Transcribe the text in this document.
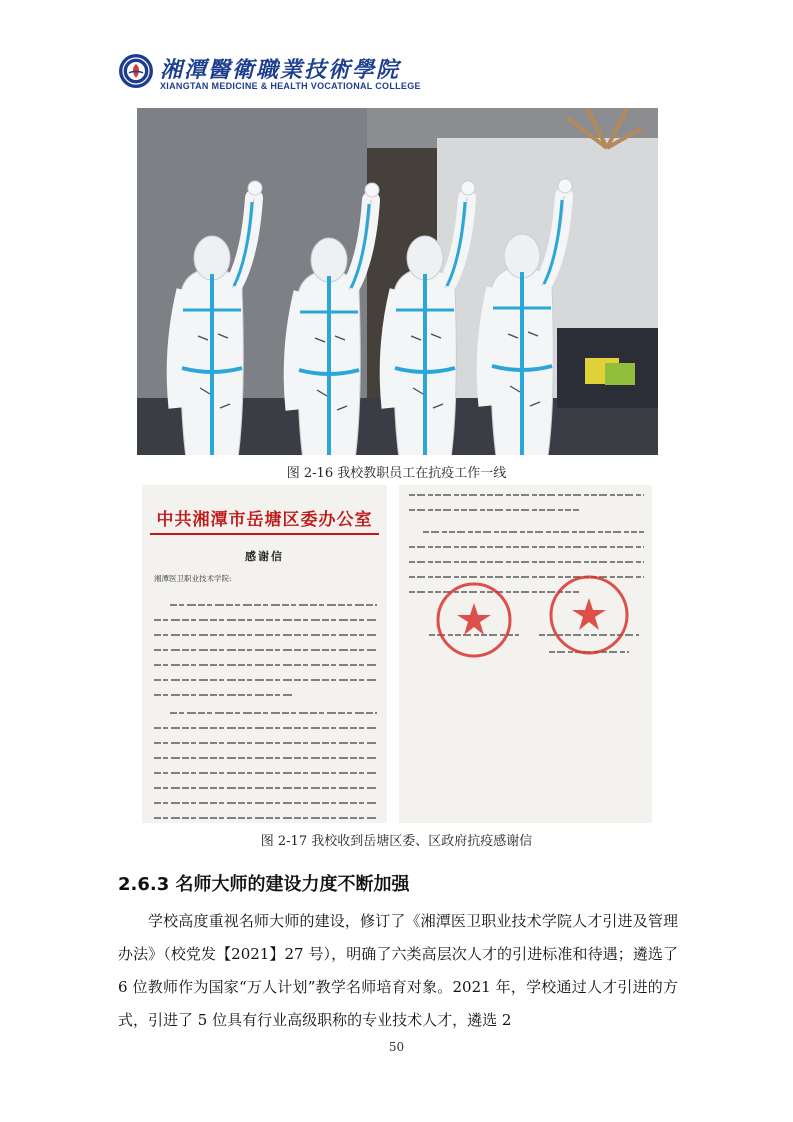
湘潭醫衛職業技術學院
XIANGTAN MEDICINE & HEALTH VOCATIONAL COLLEGE
图 2-16 我校教职员工在抗疫工作一线
中共湘潭市岳塘区委办公室
感谢信
湘潭医卫职业技术学院:
图 2-17 我校收到岳塘区委、区政府抗疫感谢信
2.6.3 名师大师的建设力度不断加强

学校高度重视名师大师的建设，修订了《湘潭医卫职业技术学院人才引进及管理办法》（校党发【2021】27 号），明确了六类高层次人才的引进标准和待遇；遴选了 6 位教师作为国家“万人计划”教学名师培育对象。2021 年，学校通过人才引进的方式，引进了 5 位具有行业高级职称的专业技术人才，遴选 2

50
